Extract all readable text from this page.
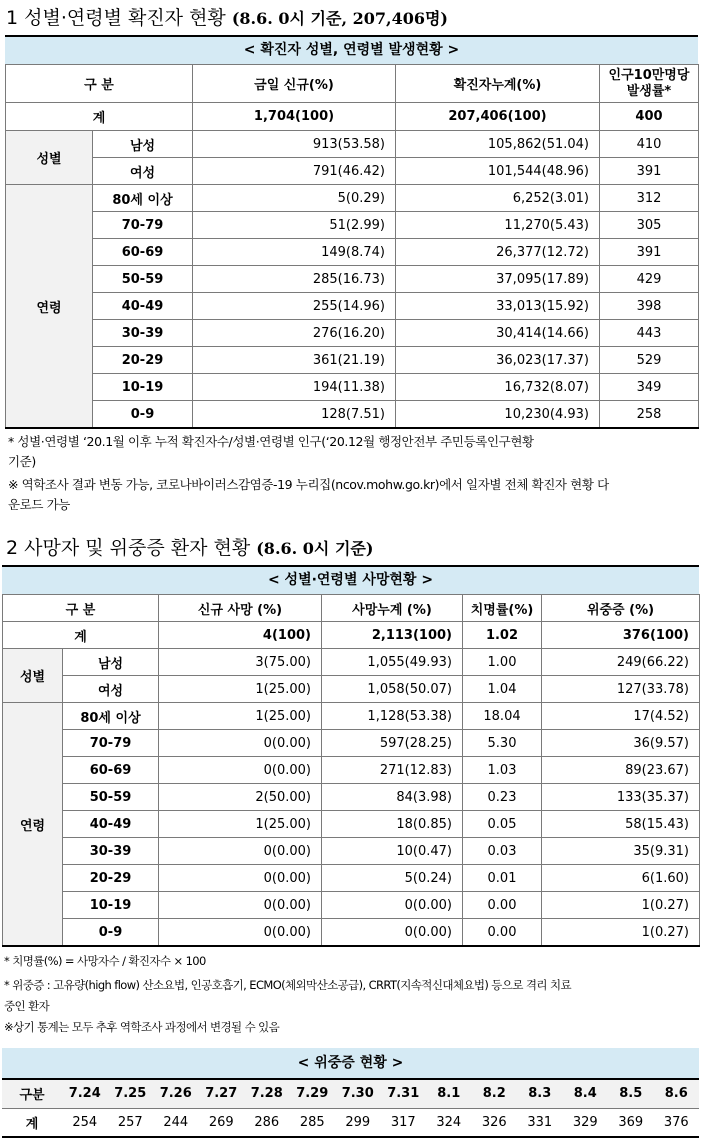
1 성별·연령별 확진자 현황 (8.6. 0시 기준, 207,406명)
< 확진자 성별, 연령별 발생현황 >
구 분		금일 신규(%)	확진자누계(%)	인구10만명당
발생률*

계		1,704(100)	207,406(100)	400
성별	남성	913(53.58)	105,862(51.04)	410
	여성	791(46.42)	101,544(48.96)	391
연령	80세 이상	5(0.29)	6,252(3.01)	312
	70-79	51(2.99)	11,270(5.43)	305
	60-69	149(8.74)	26,377(12.72)	391
	50-59	285(16.73)	37,095(17.89)	429
	40-49	255(14.96)	33,013(15.92)	398
	30-39	276(16.20)	30,414(14.66)	443
	20-29	361(21.19)	36,023(17.37)	529
	10-19	194(11.38)	16,732(8.07)	349
	0-9	128(7.51)	10,230(4.93)	258
* 성별·연령별 ‘20.1월 이후 누적 확진자수/성별·연령별 인구(‘20.12월 행정안전부 주민등록인구현황
기준)
※ 역학조사 결과 변동 가능, 코로나바이러스감염증-19 누리집(ncov.mohw.go.kr)에서 일자별 전체 확진자 현황 다
운로드 가능
2 사망자 및 위중증 환자 현황 (8.6. 0시 기준)
< 성별·연령별 사망현황 >
구 분		신규 사망 (%)	사망누계 (%)	치명률(%)	위중증 (%)
계		4(100)	2,113(100)	1.02	376(100)
성별	남성	3(75.00)	1,055(49.93)	1.00	249(66.22)
	여성	1(25.00)	1,058(50.07)	1.04	127(33.78)
연령	80세 이상	1(25.00)	1,128(53.38)	18.04	17(4.52)
	70-79	0(0.00)	597(28.25)	5.30	36(9.57)
	60-69	0(0.00)	271(12.83)	1.03	89(23.67)
	50-59	2(50.00)	84(3.98)	0.23	133(35.37)
	40-49	1(25.00)	18(0.85)	0.05	58(15.43)
	30-39	0(0.00)	10(0.47)	0.03	35(9.31)
	20-29	0(0.00)	5(0.24)	0.01	6(1.60)
	10-19	0(0.00)	0(0.00)	0.00	1(0.27)
	0-9	0(0.00)	0(0.00)	0.00	1(0.27)
* 치명률(%) = 사망자수 / 확진자수 × 100
* 위중증 : 고유량(high flow) 산소요법, 인공호흡기, ECMO(체외막산소공급), CRRT(지속적신대체요법) 등으로 격리 치료
중인 환자
※상기 통계는 모두 추후 역학조사 과정에서 변경될 수 있음
< 위중증 현황 >
구분	7.24	7.25	7.26	7.27	7.28	7.29	7.30	7.31	8.1	8.2	8.3	8.4	8.5	8.6
계	254	257	244	269	286	285	299	317	324	326	331	329	369	376
